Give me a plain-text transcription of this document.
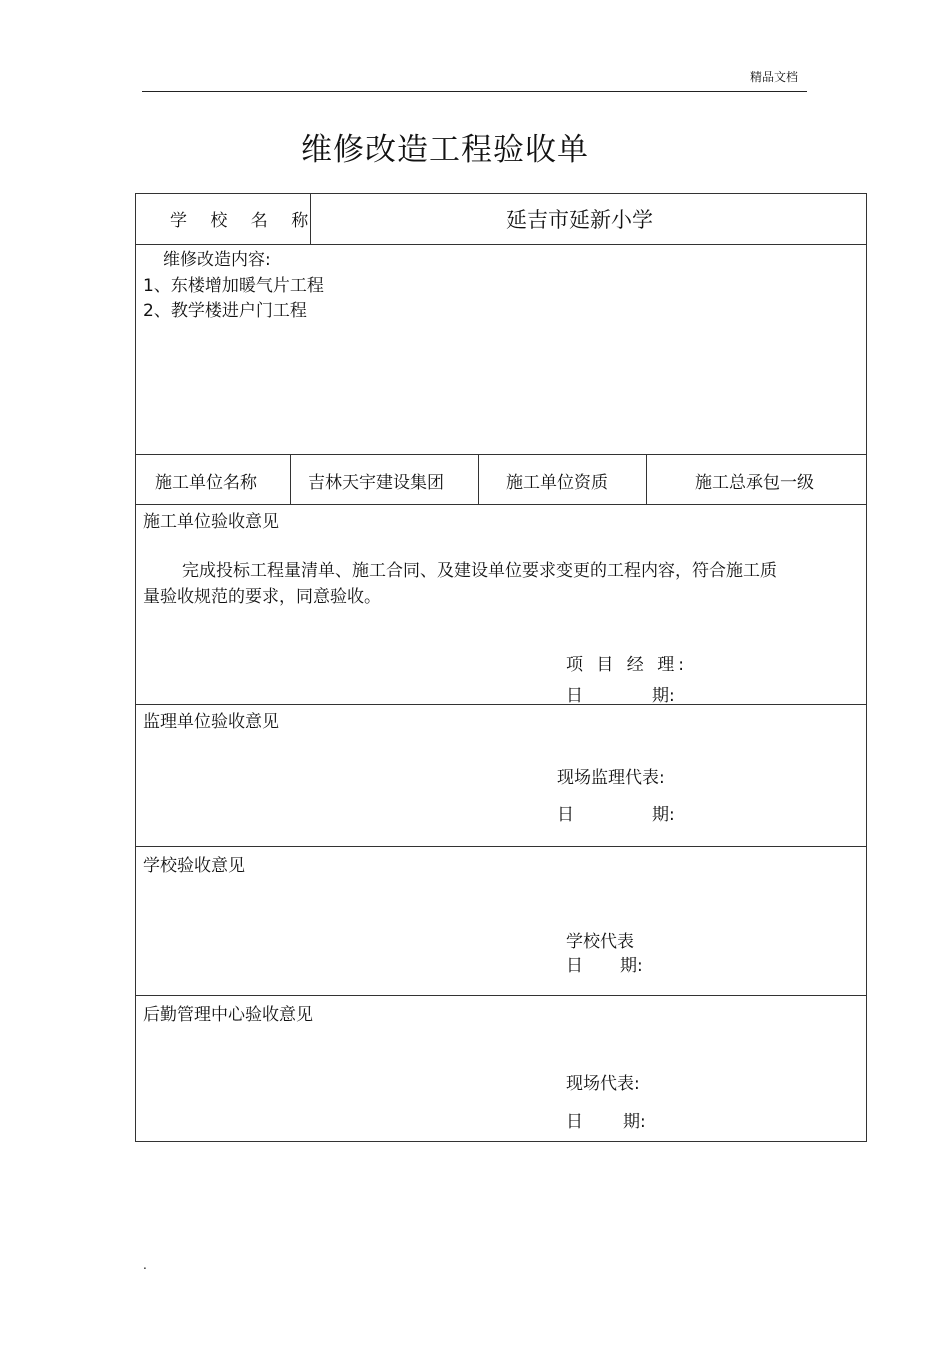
精品文档
维修改造工程验收单
学 校 名 称	延吉市延新小学
维修改造内容:
1、东楼增加暖气片工程
2、教学楼进户门工程
施工单位名称	吉林天宇建设集团	施工单位资质	施工总承包一级
施工单位验收意见
完成投标工程量清单、施工合同、及建设单位要求变更的工程内容，符合施工质
量验收规范的要求，同意验收。
项 目 经 理:
日	期:
监理单位验收意见
现场监理代表:
日	期:
学校验收意见
学校代表
日 期:
后勤管理中心验收意见
现场代表:
日 期:
.
